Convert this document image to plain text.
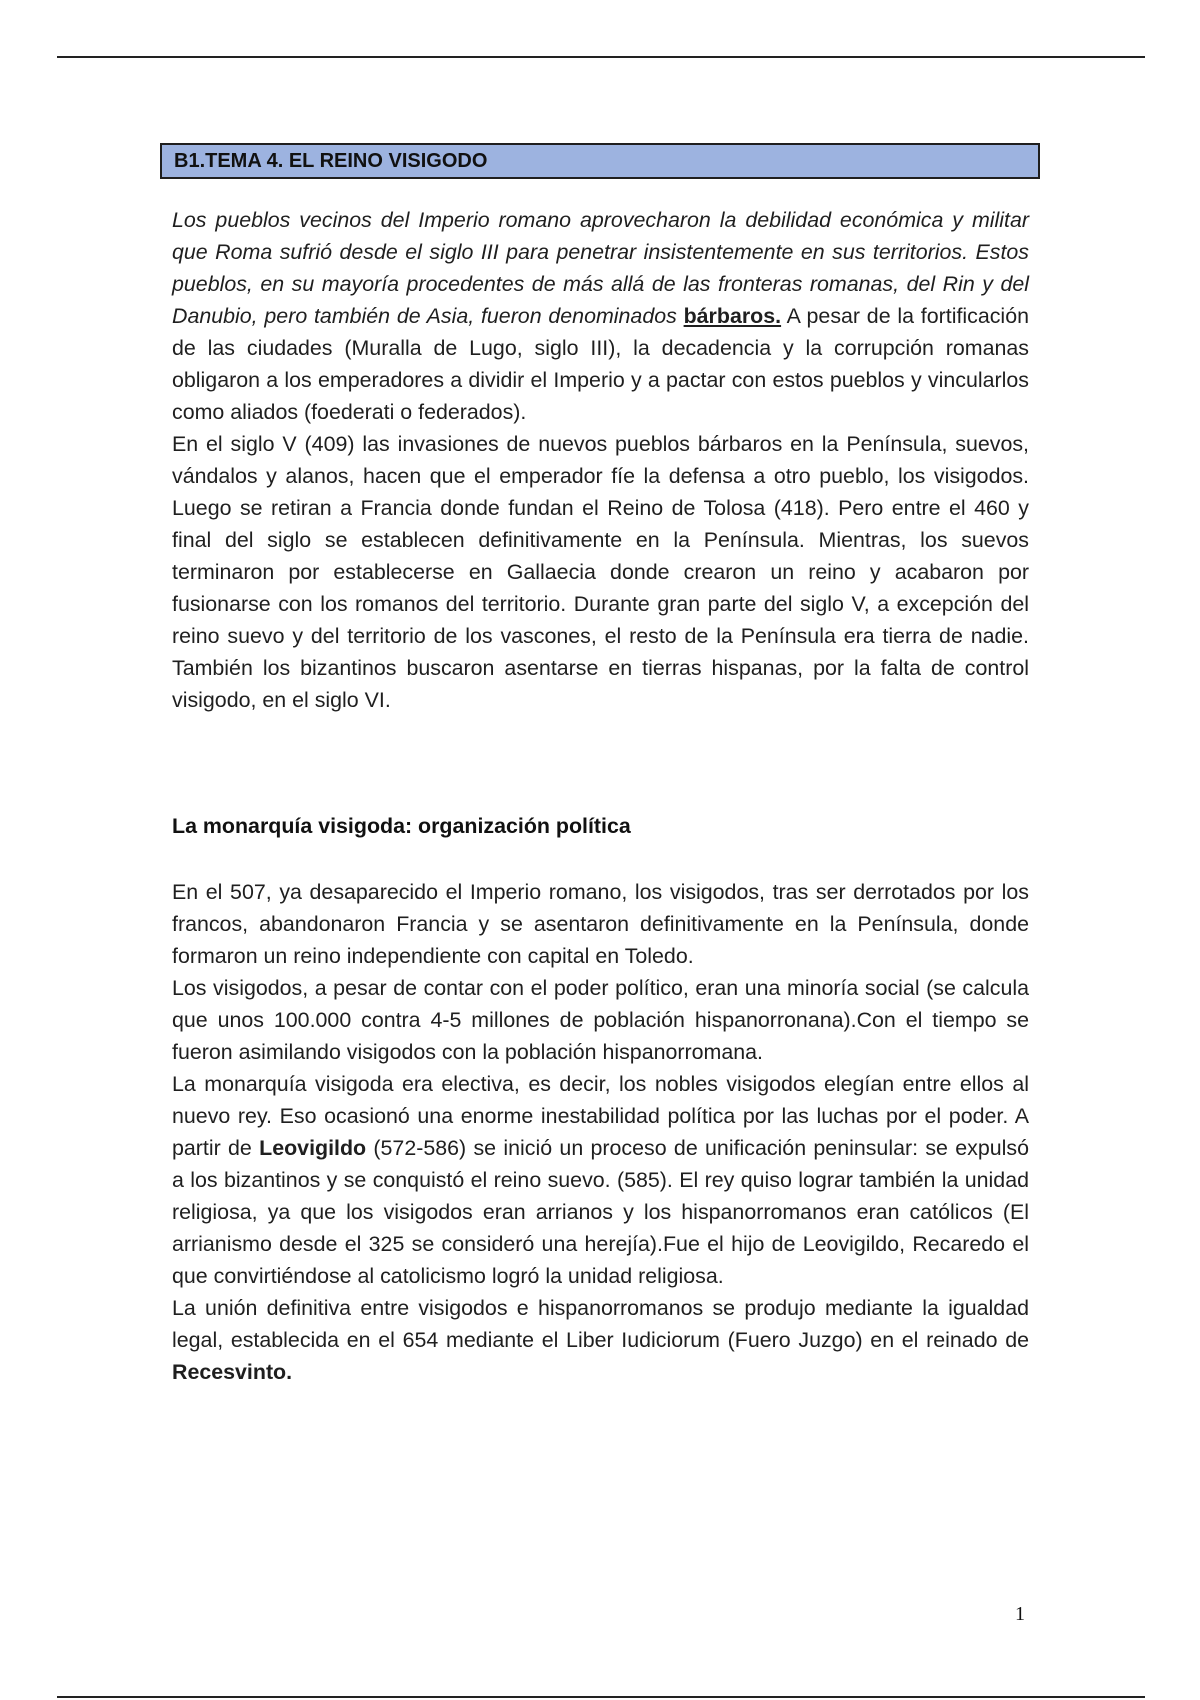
B1.TEMA 4. EL REINO VISIGODO

Los pueblos vecinos del Imperio romano aprovecharon la debilidad económica y militar que Roma sufrió desde el siglo III para penetrar insistentemente en sus territorios. Estos pueblos, en su mayoría procedentes de más allá de las fronteras romanas, del Rin y del Danubio, pero también de Asia, fueron denominados bárbaros. A pesar de la fortificación de las ciudades (Muralla de Lugo, siglo III), la decadencia y la corrupción romanas obligaron a los emperadores a dividir el Imperio y a pactar con estos pueblos y vincularlos como aliados (foederati o federados).

En el siglo V (409) las invasiones de nuevos pueblos bárbaros en la Península, suevos, vándalos y alanos, hacen que el emperador fíe la defensa a otro pueblo, los visigodos. Luego se retiran a Francia donde fundan el Reino de Tolosa (418). Pero entre el 460 y final del siglo se establecen definitivamente en la Península. Mientras, los suevos terminaron por establecerse en Gallaecia donde crearon un reino y acabaron por fusionarse con los romanos del territorio. Durante gran parte del siglo V, a excepción del reino suevo y del territorio de los vascones, el resto de la Península era tierra de nadie. También los bizantinos buscaron asentarse en tierras hispanas, por la falta de control visigodo, en el siglo VI.

La monarquía visigoda: organización política

En el 507, ya desaparecido el Imperio romano, los visigodos, tras ser derrotados por los francos, abandonaron Francia y se asentaron definitivamente en la Península, donde formaron un reino independiente con capital en Toledo.

Los visigodos, a pesar de contar con el poder político, eran una minoría social (se calcula que unos 100.000 contra 4-5 millones de población hispanorronana).Con el tiempo se fueron asimilando visigodos con la población hispanorromana.

La monarquía visigoda era electiva, es decir, los nobles visigodos elegían entre ellos al nuevo rey. Eso ocasionó una enorme inestabilidad política por las luchas por el poder. A partir de Leovigildo (572-586) se inició un proceso de unificación peninsular: se expulsó a los bizantinos y se conquistó el reino suevo. (585). El rey quiso lograr también la unidad religiosa, ya que los visigodos eran arrianos y los hispanorromanos eran católicos (El arrianismo desde el 325 se consideró una herejía).Fue el hijo de Leovigildo, Recaredo el que convirtiéndose al catolicismo logró la unidad religiosa.

La unión definitiva entre visigodos e hispanorromanos se produjo mediante la igualdad legal, establecida en el 654 mediante el Liber Iudiciorum (Fuero Juzgo) en el reinado de Recesvinto.

1
